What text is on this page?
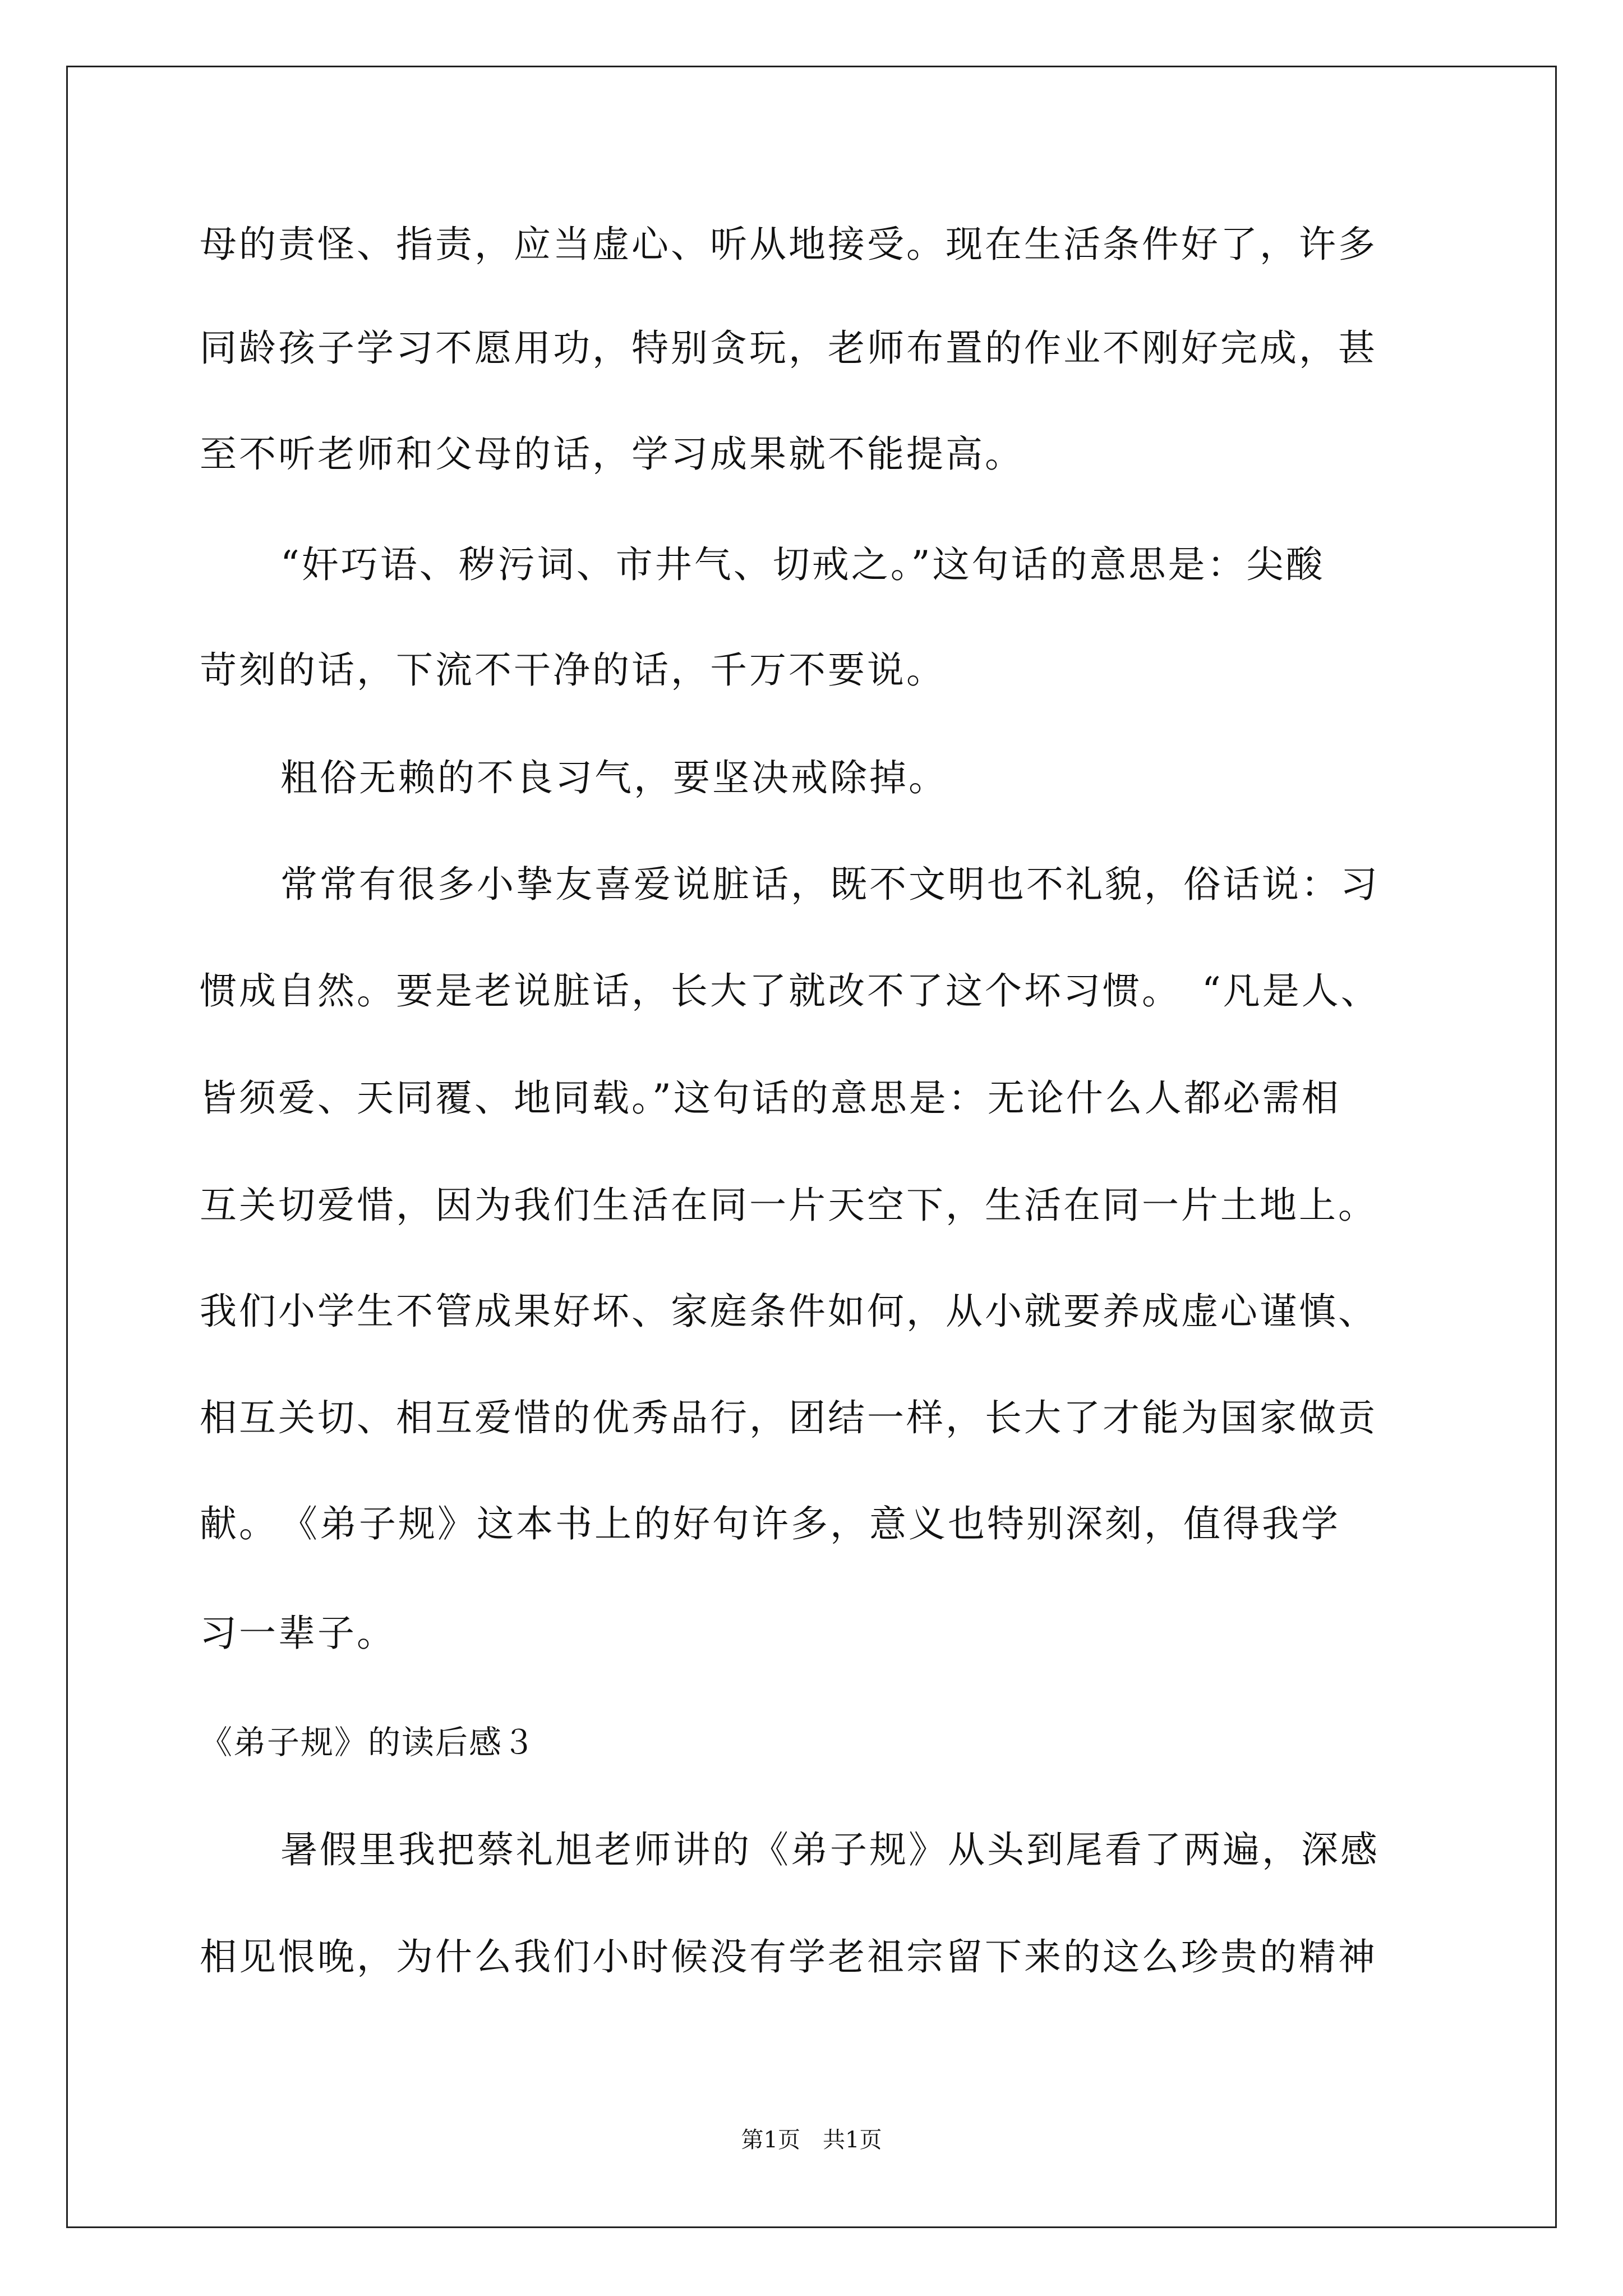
母的责怪、指责，应当虚心、听从地接受。现在生活条件好了，许多
同龄孩子学习不愿用功，特别贪玩，老师布置的作业不刚好完成，甚
至不听老师和父母的话，学习成果就不能提高。
“奸巧语、秽污词、市井气、切戒之。”这句话的意思是：尖酸
苛刻的话，下流不干净的话，千万不要说。
粗俗无赖的不良习气，要坚决戒除掉。
常常有很多小挚友喜爱说脏话，既不文明也不礼貌，俗话说：习
惯成自然。要是老说脏话，长大了就改不了这个坏习惯。　“凡是人、
皆须爱、天同覆、地同载。”这句话的意思是：无论什么人都必需相
互关切爱惜，因为我们生活在同一片天空下，生活在同一片土地上。
我们小学生不管成果好坏、家庭条件如何，从小就要养成虚心谨慎、
相互关切、相互爱惜的优秀品行，团结一样，长大了才能为国家做贡
献。　《弟子规》这本书上的好句许多，意义也特别深刻，值得我学
习一辈子。
《弟子规》的读后感３
暑假里我把蔡礼旭老师讲的《弟子规》从头到尾看了两遍，深感
相见恨晚，为什么我们小时候没有学老祖宗留下来的这么珍贵的精神
第1页　共1页
